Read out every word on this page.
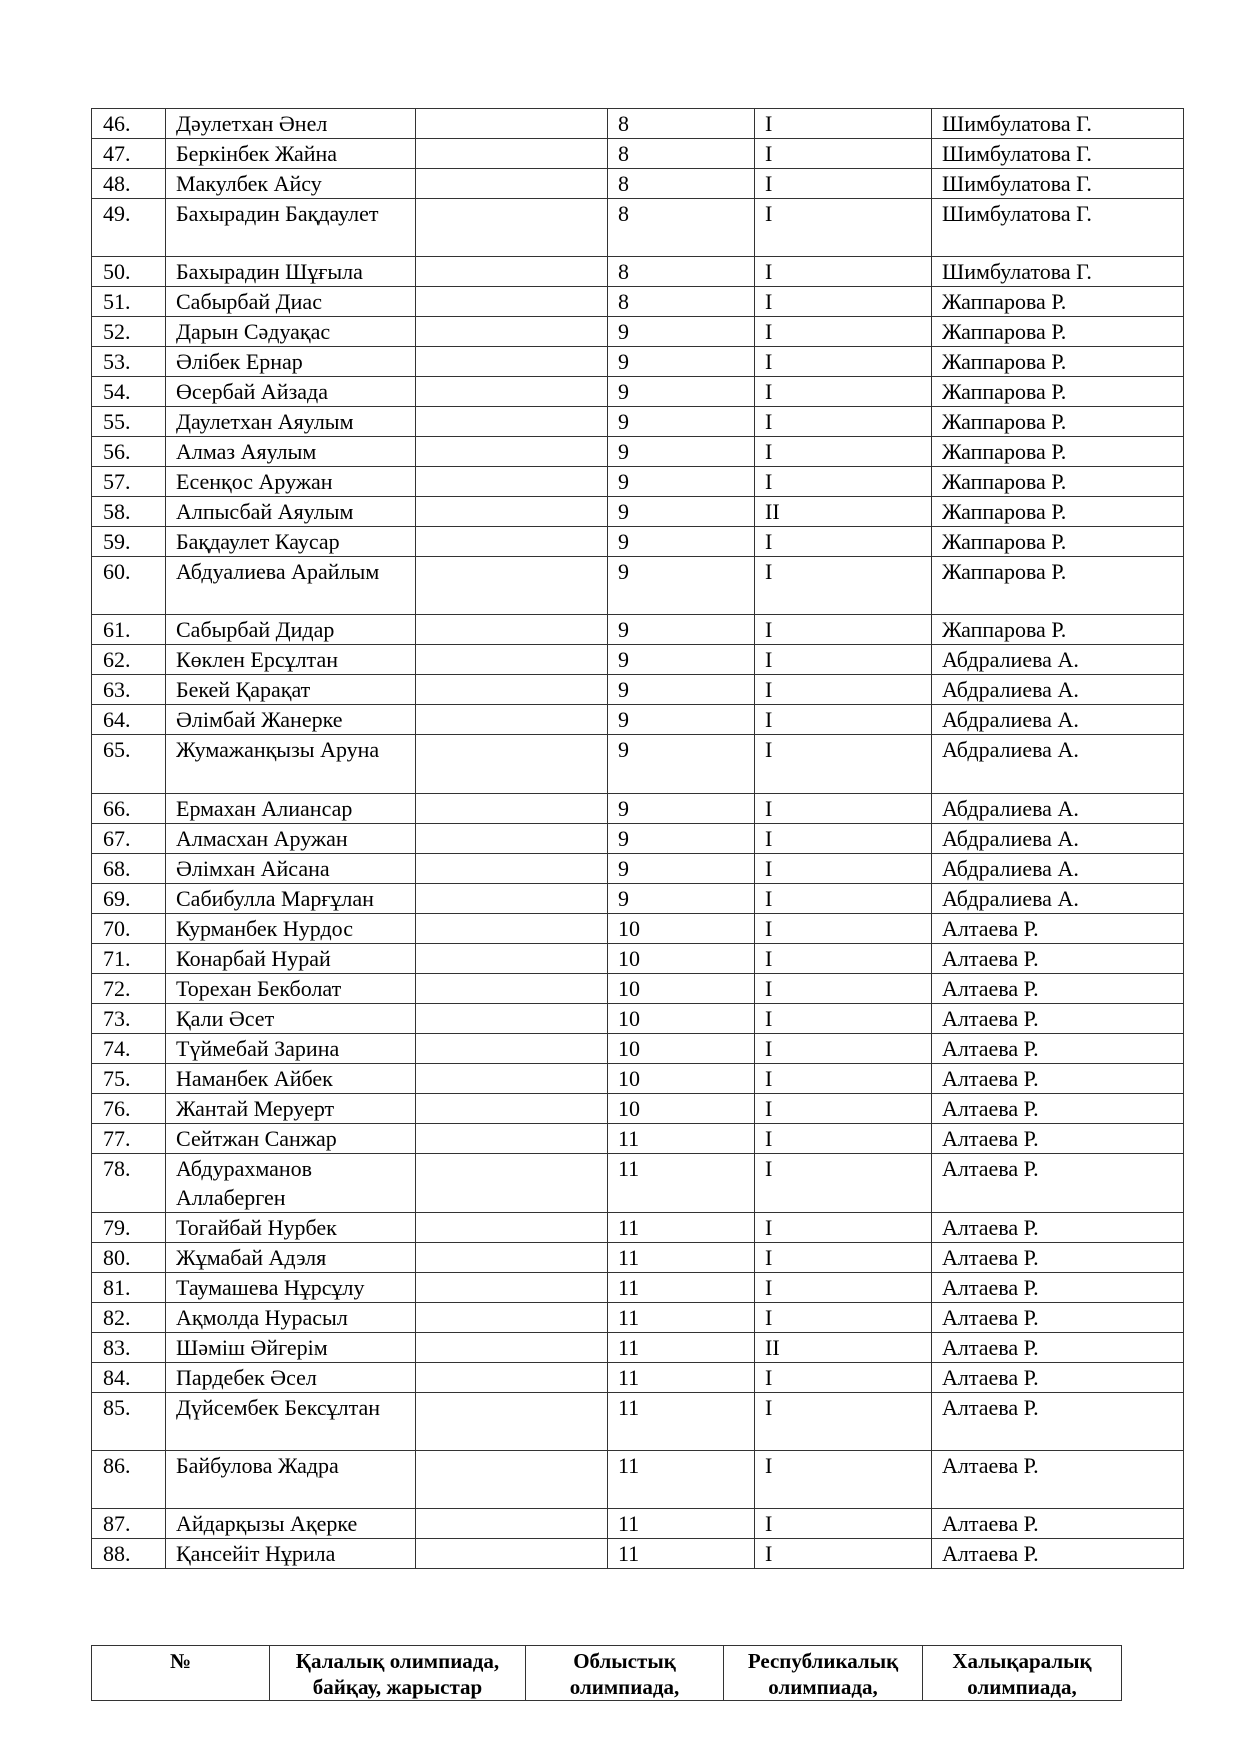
46.	Дәулетхан Әнел		8	I	Шимбулатова Г.
47.	Беркінбек Жайна		8	I	Шимбулатова Г.
48.	Макулбек Айсу		8	I	Шимбулатова Г.
49.	Бахырадин Бақдаулет		8	I	Шимбулатова Г.
50.	Бахырадин Шұғыла		8	I	Шимбулатова Г.
51.	Сабырбай Диас		8	I	Жаппарова Р.
52.	Дарын Сәдуақас		9	I	Жаппарова Р.
53.	Әлібек Ернар		9	I	Жаппарова Р.
54.	Өсербай Айзада		9	I	Жаппарова Р.
55.	Даулетхан Аяулым		9	I	Жаппарова Р.
56.	Алмаз Аяулым		9	I	Жаппарова Р.
57.	Есенқос Аружан		9	I	Жаппарова Р.
58.	Алпысбай Аяулым		9	II	Жаппарова Р.
59.	Бақдаулет Каусар		9	I	Жаппарова Р.
60.	Абдуалиева Арайлым		9	I	Жаппарова Р.
61.	Сабырбай Дидар		9	I	Жаппарова Р.
62.	Көклен Ерсұлтан		9	I	Абдралиева А.
63.	Бекей Қарақат		9	I	Абдралиева А.
64.	Әлімбай Жанерке		9	I	Абдралиева А.
65.	Жумажанқызы Аруна		9	I	Абдралиева А.
66.	Ермахан Алиансар		9	I	Абдралиева А.
67.	Алмасхан Аружан		9	I	Абдралиева А.
68.	Әлімхан Айсана		9	I	Абдралиева А.
69.	Сабибулла Марғұлан		9	I	Абдралиева А.
70.	Курманбек Нурдос		10	I	Алтаева Р.
71.	Конарбай Нурай		10	I	Алтаева Р.
72.	Торехан Бекболат		10	I	Алтаева Р.
73.	Қали Әсет		10	I	Алтаева Р.
74.	Түймебай Зарина		10	I	Алтаева Р.
75.	Наманбек Айбек		10	I	Алтаева Р.
76.	Жантай Меруерт		10	I	Алтаева Р.
77.	Сейтжан Санжар		11	I	Алтаева Р.
78.	Абдурахманов Аллаберген		11	I	Алтаева Р.
79.	Тогайбай Нурбек		11	I	Алтаева Р.
80.	Жұмабай Адэля		11	I	Алтаева Р.
81.	Таумашева Нұрсұлу		11	I	Алтаева Р.
82.	Ақмолда Нурасыл		11	I	Алтаева Р.
83.	Шәміш Әйгерім		11	II	Алтаева Р.
84.	Пардебек Әсел		11	I	Алтаева Р.
85.	Дүйсембек Бексұлтан		11	I	Алтаева Р.
86.	Байбулова Жадра		11	I	Алтаева Р.
87.	Айдарқызы Ақерке		11	I	Алтаева Р.
88.	Қансейіт Нұрила		11	I	Алтаева Р.
№	Қалалық олимпиада, байқау, жарыстар	Облыстық олимпиада,	Республикалық олимпиада,	Халықаралық олимпиада,
